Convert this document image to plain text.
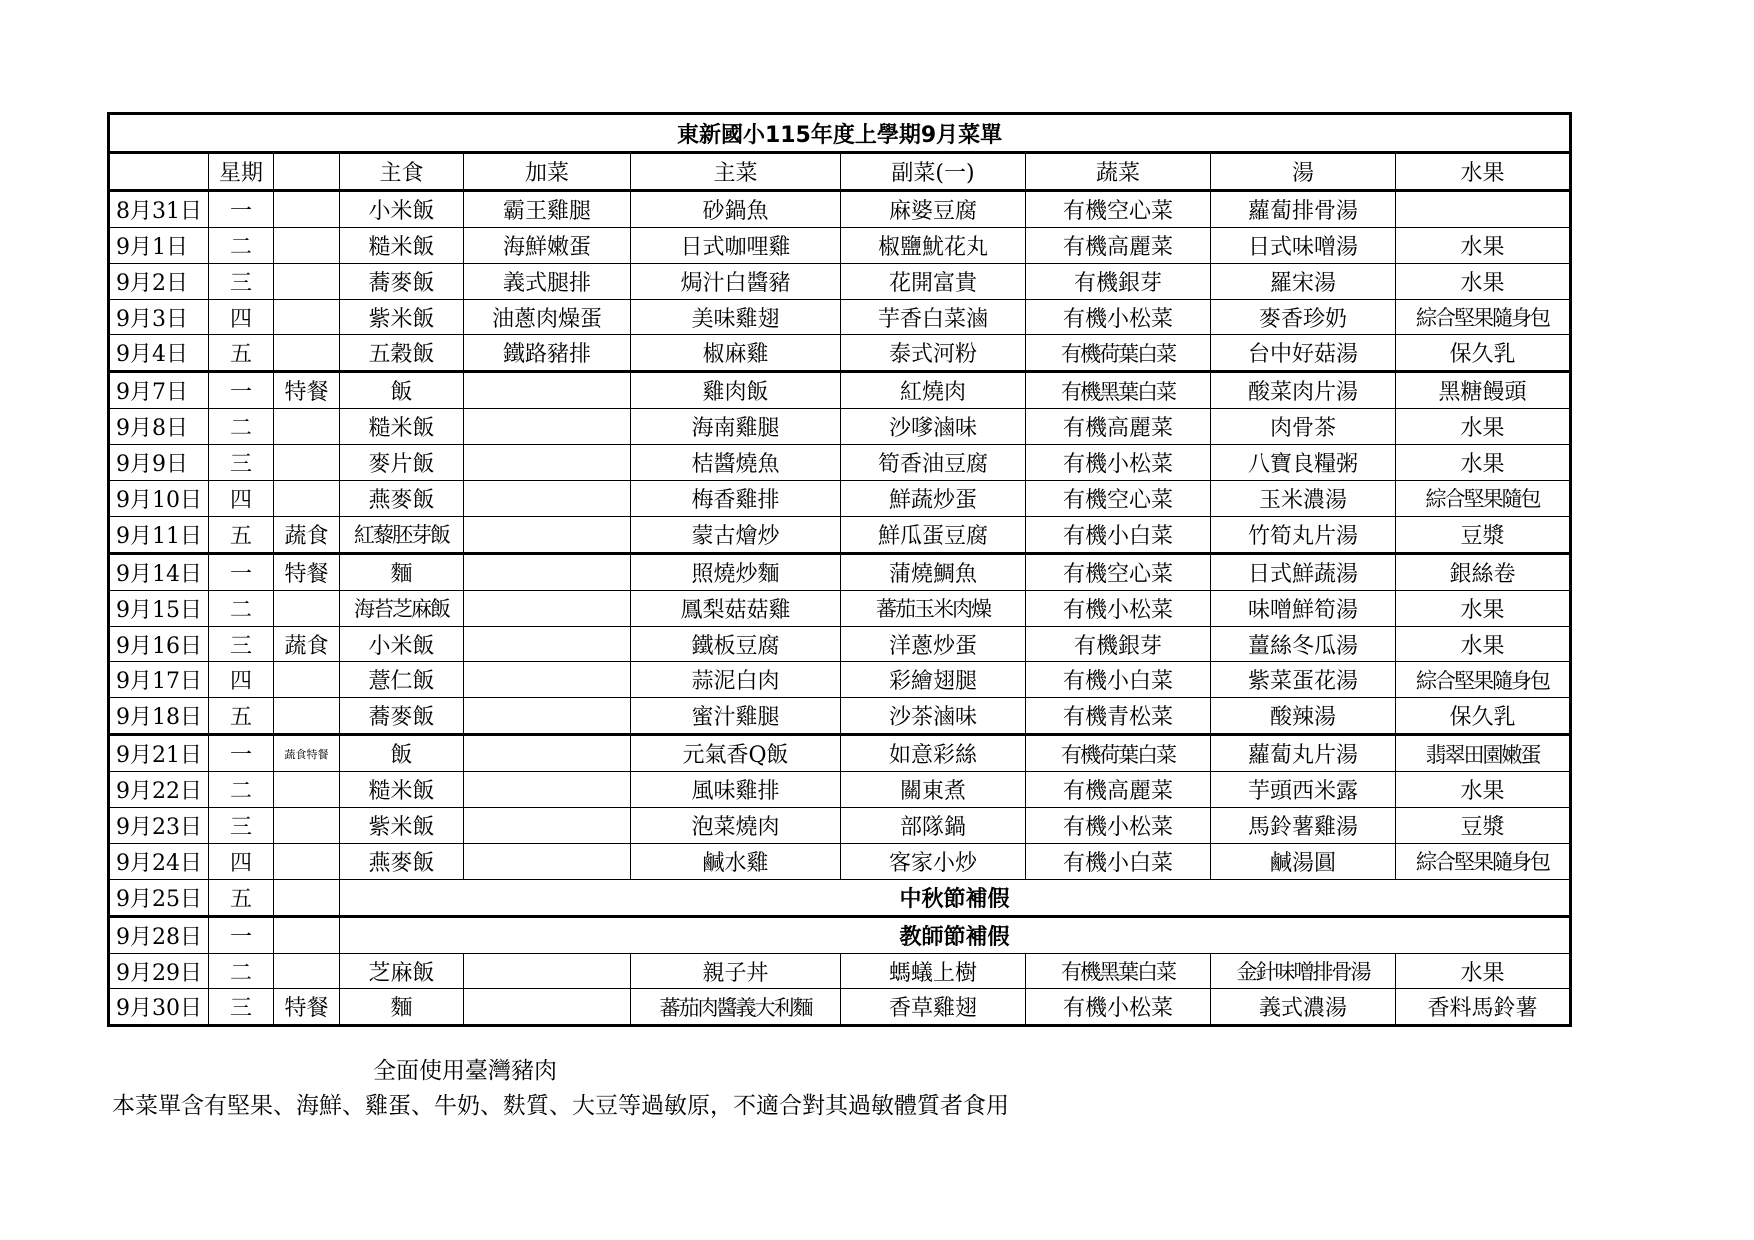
東新國小115年度上學期9月菜單									
	星期		主食	加菜	主菜	副菜(一)	蔬菜	湯	水果
8月31日	一		小米飯	霸王雞腿	砂鍋魚	麻婆豆腐	有機空心菜	蘿蔔排骨湯	
9月1日	二		糙米飯	海鮮嫩蛋	日式咖哩雞	椒鹽魷花丸	有機高麗菜	日式味噌湯	水果
9月2日	三		蕎麥飯	義式腿排	焗汁白醬豬	花開富貴	有機銀芽	羅宋湯	水果
9月3日	四		紫米飯	油蔥肉燥蛋	美味雞翅	芋香白菜滷	有機小松菜	麥香珍奶	綜合堅果隨身包
9月4日	五		五穀飯	鐵路豬排	椒麻雞	泰式河粉	有機荷葉白菜	台中好菇湯	保久乳
9月7日	一	特餐	飯		雞肉飯	紅燒肉	有機黑葉白菜	酸菜肉片湯	黑糖饅頭
9月8日	二		糙米飯		海南雞腿	沙嗲滷味	有機高麗菜	肉骨茶	水果
9月9日	三		麥片飯		桔醬燒魚	筍香油豆腐	有機小松菜	八寶良糧粥	水果
9月10日	四		燕麥飯		梅香雞排	鮮蔬炒蛋	有機空心菜	玉米濃湯	綜合堅果隨包
9月11日	五	蔬食	紅藜胚芽飯		蒙古燴炒	鮮瓜蛋豆腐	有機小白菜	竹筍丸片湯	豆漿
9月14日	一	特餐	麵		照燒炒麵	蒲燒鯛魚	有機空心菜	日式鮮蔬湯	銀絲卷
9月15日	二		海苔芝麻飯		鳳梨菇菇雞	蕃茄玉米肉燥	有機小松菜	味噌鮮筍湯	水果
9月16日	三	蔬食	小米飯		鐵板豆腐	洋蔥炒蛋	有機銀芽	薑絲冬瓜湯	水果
9月17日	四		薏仁飯		蒜泥白肉	彩繪翅腿	有機小白菜	紫菜蛋花湯	綜合堅果隨身包
9月18日	五		蕎麥飯		蜜汁雞腿	沙茶滷味	有機青松菜	酸辣湯	保久乳
9月21日	一	蔬食特餐	飯		元氣香Q飯	如意彩絲	有機荷葉白菜	蘿蔔丸片湯	翡翠田園嫩蛋
9月22日	二		糙米飯		風味雞排	關東煮	有機高麗菜	芋頭西米露	水果
9月23日	三		紫米飯		泡菜燒肉	部隊鍋	有機小松菜	馬鈴薯雞湯	豆漿
9月24日	四		燕麥飯		鹹水雞	客家小炒	有機小白菜	鹹湯圓	綜合堅果隨身包
9月25日	五		中秋節補假						
9月28日	一		教師節補假						
9月29日	二		芝麻飯		親子丼	螞蟻上樹	有機黑葉白菜	金針味噌排骨湯	水果
9月30日	三	特餐	麵		蕃茄肉醬義大利麵	香草雞翅	有機小松菜	義式濃湯	香料馬鈴薯
全面使用臺灣豬肉
本菜單含有堅果、海鮮、雞蛋、牛奶、麩質、大豆等過敏原，不適合對其過敏體質者食用
